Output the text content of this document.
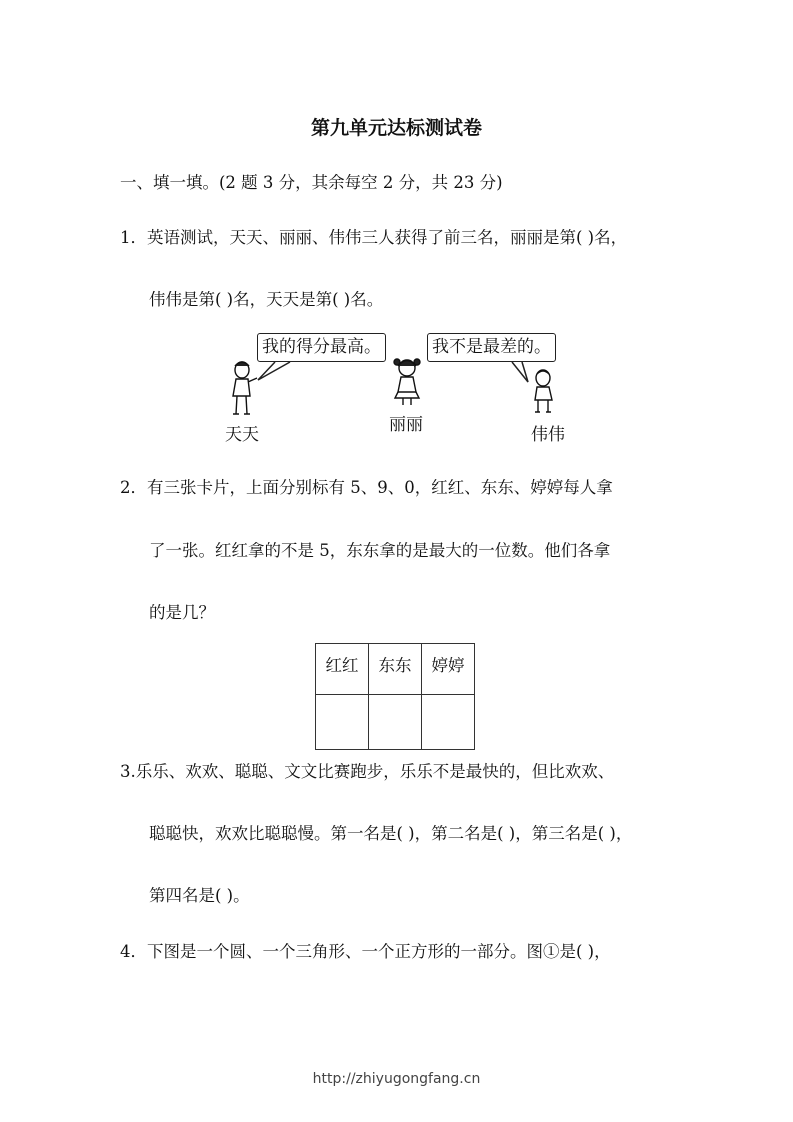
第九单元达标测试卷
一、填一填。(2 题 3 分，其余每空 2 分，共 23 分)
1．英语测试，天天、丽丽、伟伟三人获得了前三名，丽丽是第( )名，
伟伟是第( )名，天天是第( )名。
我的得分最高。	我不是最差的。
天天	丽丽	伟伟
2．有三张卡片，上面分别标有 5、9、0，红红、东东、婷婷每人拿
了一张。红红拿的不是 5，东东拿的是最大的一位数。他们各拿
的是几？
红红	东东	婷婷

3.乐乐、欢欢、聪聪、文文比赛跑步，乐乐不是最快的，但比欢欢、
聪聪快，欢欢比聪聪慢。第一名是( )，第二名是( )，第三名是( )，
第四名是( )。
4．下图是一个圆、一个三角形、一个正方形的一部分。图①是( )，
http://zhiyugongfang.cn
